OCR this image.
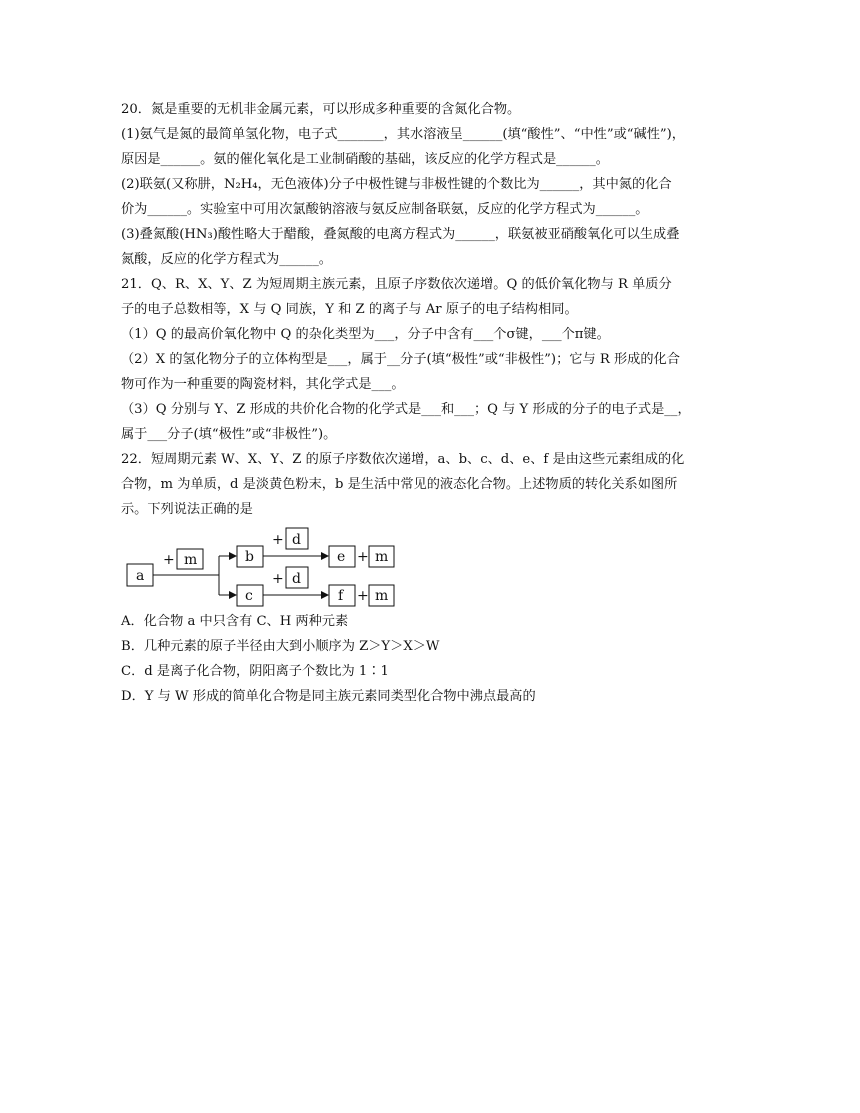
20．氮是重要的无机非金属元素，可以形成多种重要的含氮化合物。
(1)氨气是氮的最简单氢化物，电子式_______，其水溶液呈______(填“酸性”、“中性”或“碱性”)，
原因是______。氨的催化氧化是工业制硝酸的基础，该反应的化学方程式是______。
(2)联氨(又称肼，N₂H₄，无色液体)分子中极性键与非极性键的个数比为______，其中氮的化合
价为______。实验室中可用次氯酸钠溶液与氨反应制备联氨，反应的化学方程式为______。
(3)叠氮酸(HN₃)酸性略大于醋酸，叠氮酸的电离方程式为______，联氨被亚硝酸氧化可以生成叠
氮酸，反应的化学方程式为______。
21．Q、R、X、Y、Z 为短周期主族元素，且原子序数依次递增。Q 的低价氧化物与 R 单质分
子的电子总数相等，X 与 Q 同族，Y 和 Z 的离子与 Ar 原子的电子结构相同。
（1）Q 的最高价氧化物中 Q 的杂化类型为___，分子中含有___个σ键，___个π键。
（2）X 的氢化物分子的立体构型是___，属于__分子(填“极性”或“非极性”)；它与 R 形成的化合
物可作为一种重要的陶瓷材料，其化学式是___。
（3）Q 分别与 Y、Z 形成的共价化合物的化学式是___和___；Q 与 Y 形成的分子的电子式是__，
属于___分子(填“极性”或“非极性”)。
22．短周期元素 W、X、Y、Z 的原子序数依次递增，a、b、c、d、e、f 是由这些元素组成的化
合物，m 为单质，d 是淡黄色粉末，b 是生活中常见的液态化合物。上述物质的转化关系如图所
示。下列说法正确的是
+ m
a
b
c
+ d
+ d
e
f
+
+
m
m
A．化合物 a 中只含有 C、H 两种元素
B．几种元素的原子半径由大到小顺序为 Z＞Y＞X＞W
C．d 是离子化合物，阴阳离子个数比为 1∶1
D．Y 与 W 形成的简单化合物是同主族元素同类型化合物中沸点最高的
